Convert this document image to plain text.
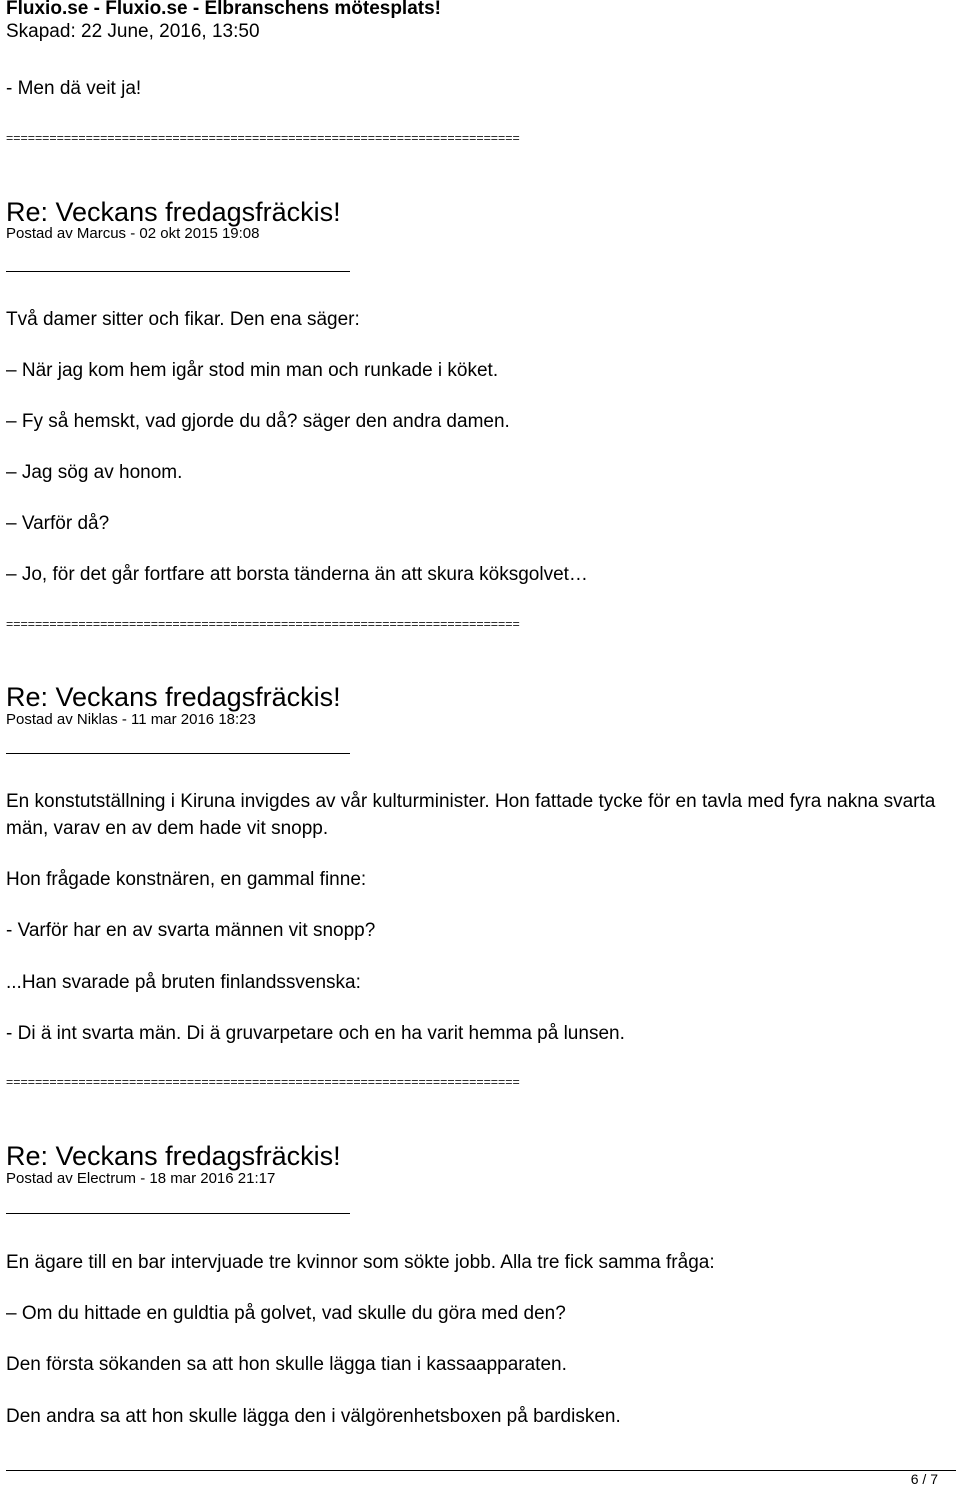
Fluxio.se - Fluxio.se - Elbranschens mötesplats!
Skapad: 22 June, 2016, 13:50
- Men dä veit ja!
=======================================================================
Re: Veckans fredagsfräckis!
Postad av Marcus - 02 okt 2015 19:08
Två damer sitter och fikar. Den ena säger:
– När jag kom hem igår stod min man och runkade i köket.
– Fy så hemskt, vad gjorde du då? säger den andra damen.
– Jag sög av honom.
– Varför då?
– Jo, för det går fortfare att borsta tänderna än att skura köksgolvet…
=======================================================================
Re: Veckans fredagsfräckis!
Postad av Niklas - 11 mar 2016 18:23
En konstutställning i Kiruna invigdes av vår kulturminister. Hon fattade tycke för en tavla med fyra nakna svarta män, varav en av dem hade vit snopp.
Hon frågade konstnären, en gammal finne:
- Varför har en av svarta männen vit snopp?
...Han svarade på bruten finlandssvenska:
- Di ä int svarta män. Di ä gruvarpetare och en ha varit hemma på lunsen.
=======================================================================
Re: Veckans fredagsfräckis!
Postad av Electrum - 18 mar 2016 21:17
En ägare till en bar intervjuade tre kvinnor som sökte jobb. Alla tre fick samma fråga:
– Om du hittade en guldtia på golvet, vad skulle du göra med den?
Den första sökanden sa att hon skulle lägga tian i kassaapparaten.
Den andra sa att hon skulle lägga den i välgörenhetsboxen på bardisken.
6 / 7
